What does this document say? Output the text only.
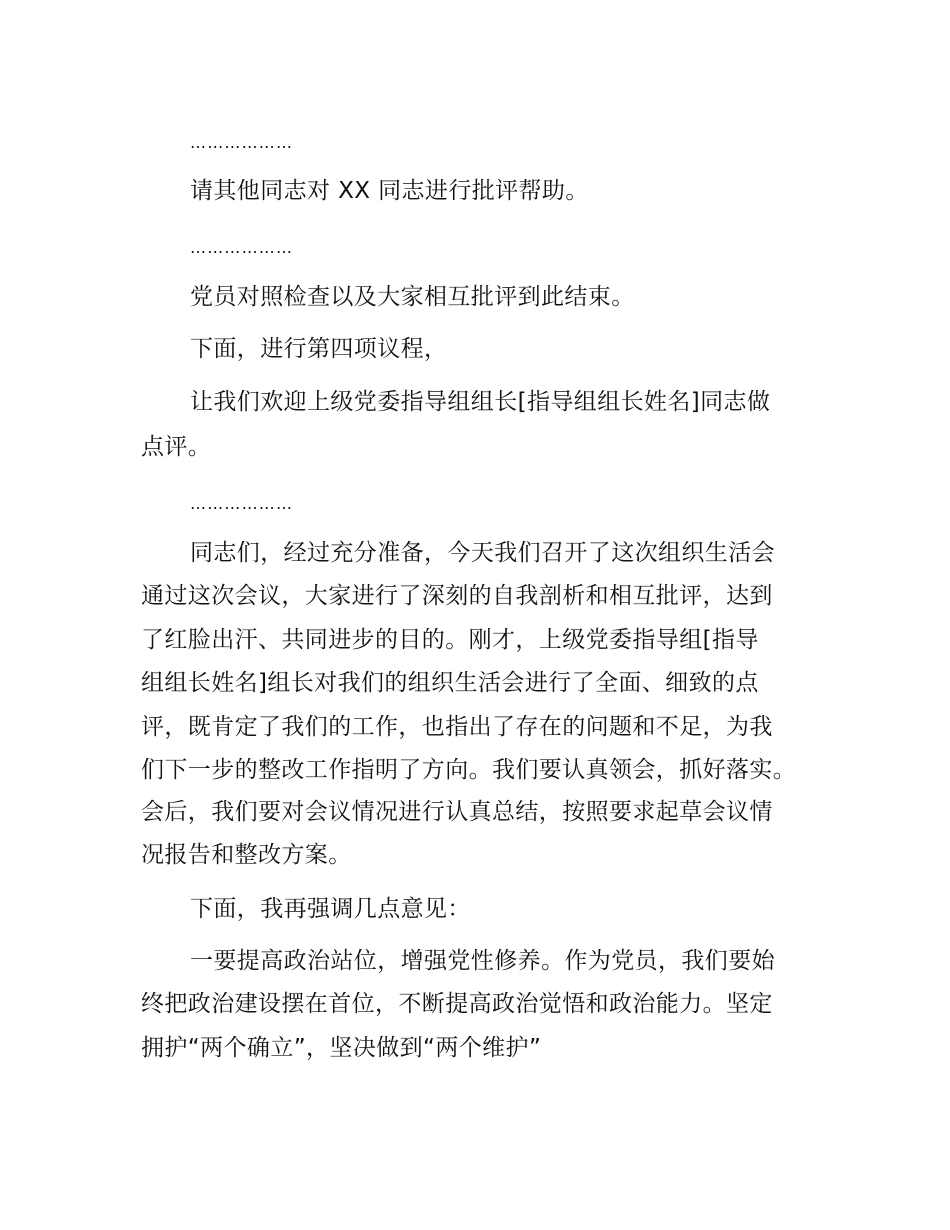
………………
请其他同志对 XX 同志进行批评帮助。
………………
党员对照检查以及大家相互批评到此结束。
下面，进行第四项议程，
让我们欢迎上级党委指导组组长[指导组组长姓名]同志做
点评。
………………
同志们，经过充分准备，今天我们召开了这次组织生活会
通过这次会议，大家进行了深刻的自我剖析和相互批评，达到
了红脸出汗、共同进步的目的。刚才，上级党委指导组[指导
组组长姓名]组长对我们的组织生活会进行了全面、细致的点
评，既肯定了我们的工作，也指出了存在的问题和不足，为我
们下一步的整改工作指明了方向。我们要认真领会，抓好落实。
会后，我们要对会议情况进行认真总结，按照要求起草会议情
况报告和整改方案。
下面，我再强调几点意见：
一要提高政治站位，增强党性修养。作为党员，我们要始
终把政治建设摆在首位，不断提高政治觉悟和政治能力。坚定
拥护“两个确立”，坚决做到“两个维护”
